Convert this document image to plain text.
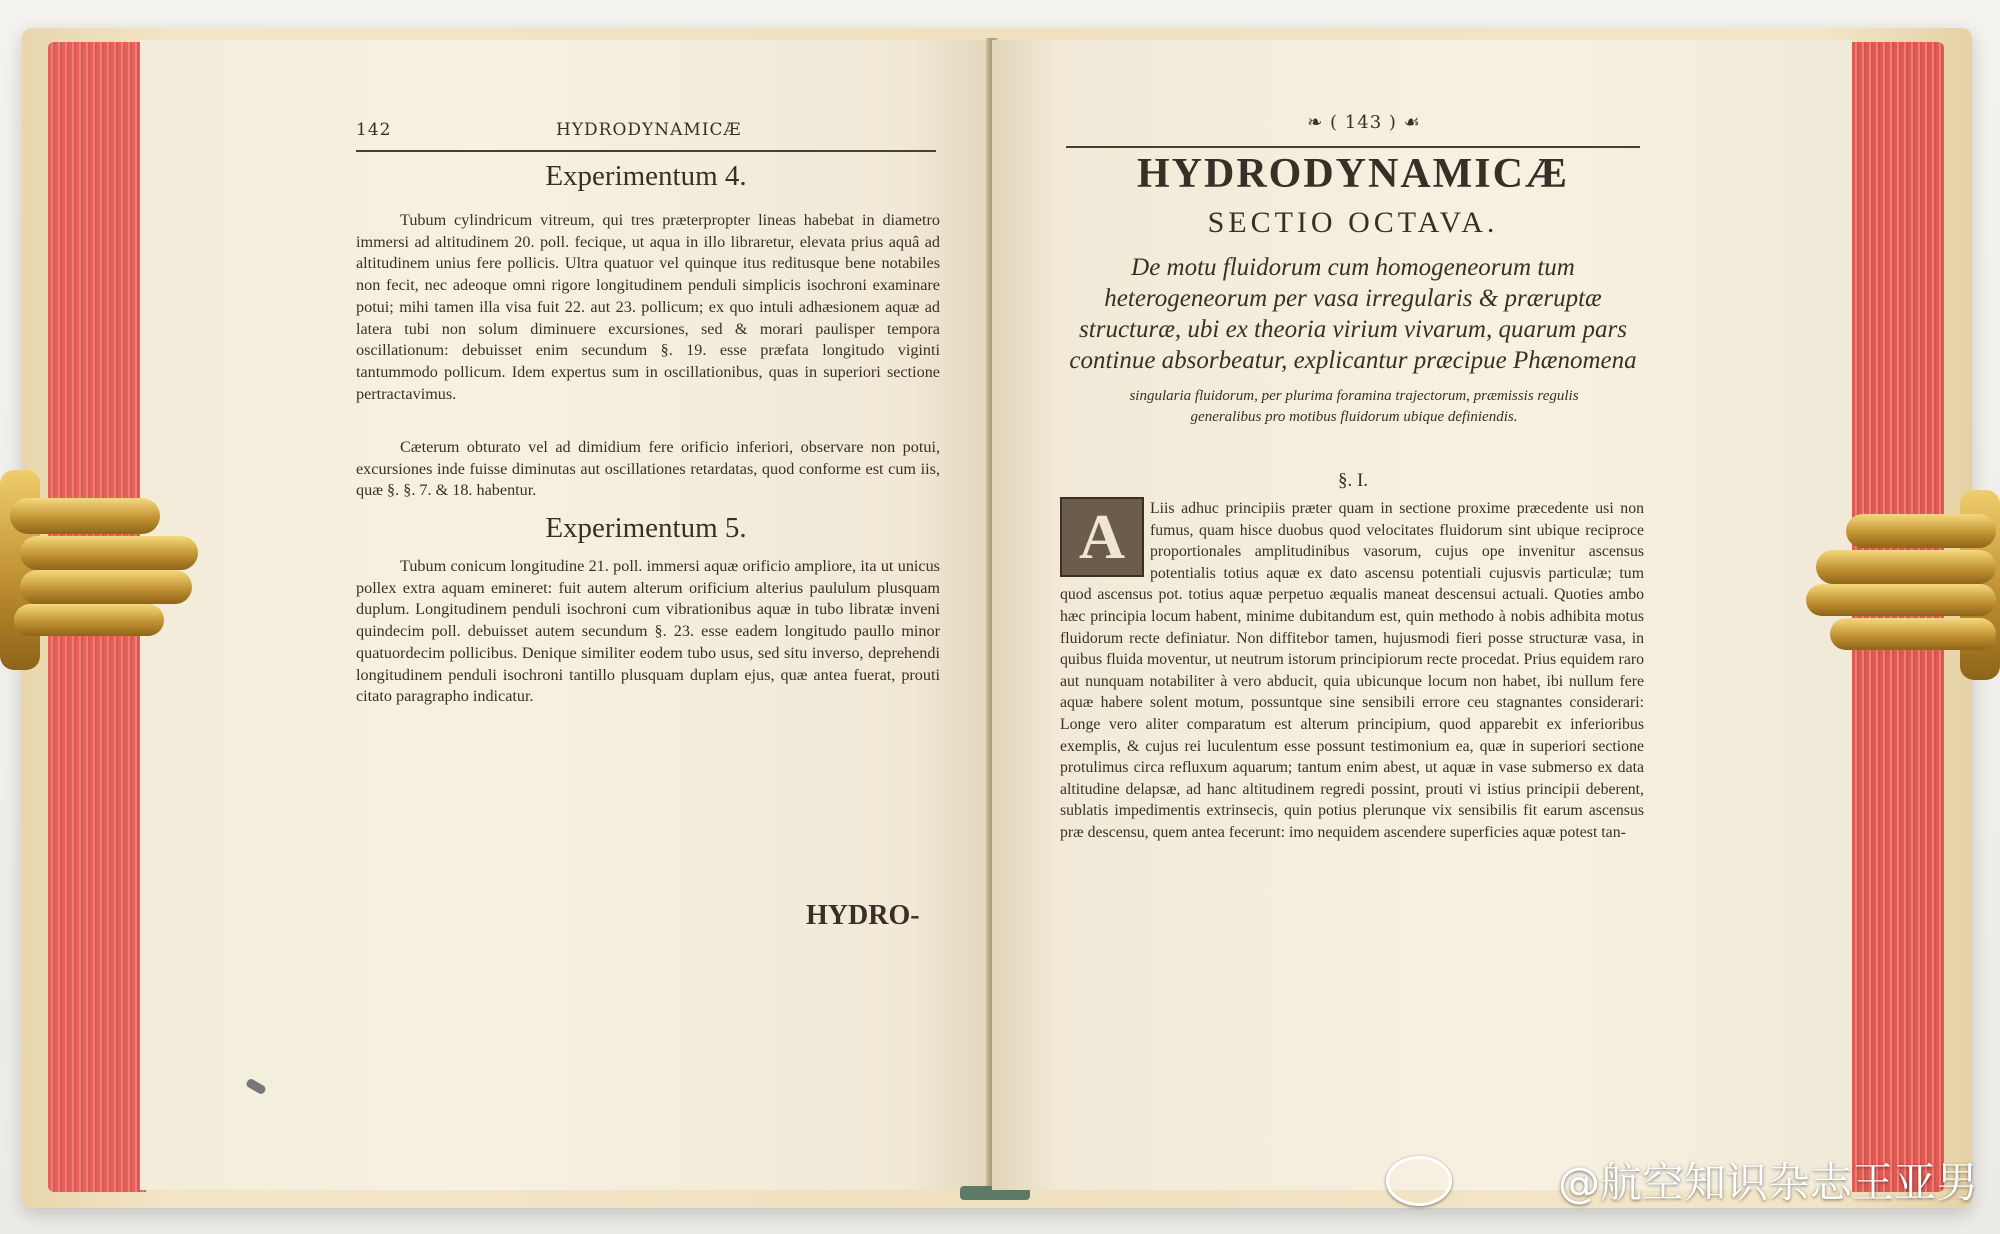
142	HYDRODYNAMICÆ
Experimentum 4.
Tubum cylindricum vitreum, qui tres præterpropter lineas habebat in diametro immersi ad altitudinem 20. poll. fecique, ut aqua in illo libraretur, elevata prius aquâ ad altitudinem unius fere pollicis. Ultra quatuor vel quinque itus reditusque bene notabiles non fecit, nec adeoque omni rigore longitudinem penduli simplicis isochroni examinare potui; mihi tamen illa visa fuit 22. aut 23. pollicum; ex quo intuli adhæsionem aquæ ad latera tubi non solum diminuere excursiones, sed & morari paulisper tempora oscillationum: debuisset enim secundum §. 19. esse præfata longitudo viginti tantummodo pollicum. Idem expertus sum in oscillationibus, quas in superiori sectione pertractavimus.
Cæterum obturato vel ad dimidium fere orificio inferiori, observare non potui, excursiones inde fuisse diminutas aut oscillationes retardatas, quod conforme est cum iis, quæ §. §. 7. & 18. habentur.
Experimentum 5.
Tubum conicum longitudine 21. poll. immersi aquæ orificio ampliore, ita ut unicus pollex extra aquam emineret: fuit autem alterum orificium alterius paululum plusquam duplum. Longitudinem penduli isochroni cum vibrationibus aquæ in tubo libratæ inveni quindecim poll. debuisset autem secundum §. 23. esse eadem longitudo paullo minor quatuordecim pollicibus. Denique similiter eodem tubo usus, sed situ inverso, deprehendi longitudinem penduli isochroni tantillo plusquam duplam ejus, quæ antea fuerat, prouti citato paragrapho indicatur.
HYDRO-
❧ ( 143 ) ☙
HYDRODYNAMICÆ
SECTIO OCTAVA.
De motu fluidorum cum homogeneorum tum heterogeneorum per vasa irregularis & præruptæ structuræ, ubi ex theoria virium vivarum, quarum pars continue absorbeatur, explicantur præcipue Phænomena
singularia fluidorum, per plurima foramina trajectorum, præmissis regulis generalibus pro motibus fluidorum ubique definiendis.
§. I.
A	Liis adhuc principiis præter quam in sectione proxime præcedente usi non fumus, quam hisce duobus quod velocitates fluidorum sint ubique reciproce proportionales amplitudinibus vasorum, cujus ope invenitur ascensus potentialis totius aquæ ex dato ascensu potentiali cujusvis particulæ; tum quod ascensus pot. totius aquæ perpetuo æqualis maneat descensui actuali. Quoties ambo hæc principia locum habent, minime dubitandum est, quin methodo à nobis adhibita motus fluidorum recte definiatur. Non diffitebor tamen, hujusmodi fieri posse structuræ vasa, in quibus fluida moventur, ut neutrum istorum principiorum recte procedat. Prius equidem raro aut nunquam notabiliter à vero abducit, quia ubicunque locum non habet, ibi nullum fere aquæ habere solent motum, possuntque sine sensibili errore ceu stagnantes considerari: Longe vero aliter comparatum est alterum principium, quod apparebit ex inferioribus exemplis, & cujus rei luculentum esse possunt testimonium ea, quæ in superiori sectione protulimus circa refluxum aquarum; tantum enim abest, ut aquæ in vase submerso ex data altitudine delapsæ, ad hanc altitudinem regredi possint, prouti vi istius principii deberent, sublatis impedimentis extrinsecis, quin potius plerunque vix sensibilis fit earum ascensus præ descensu, quem antea fecerunt: imo nequidem ascendere superficies aquæ potest tan-
@航空知识杂志王亚男
